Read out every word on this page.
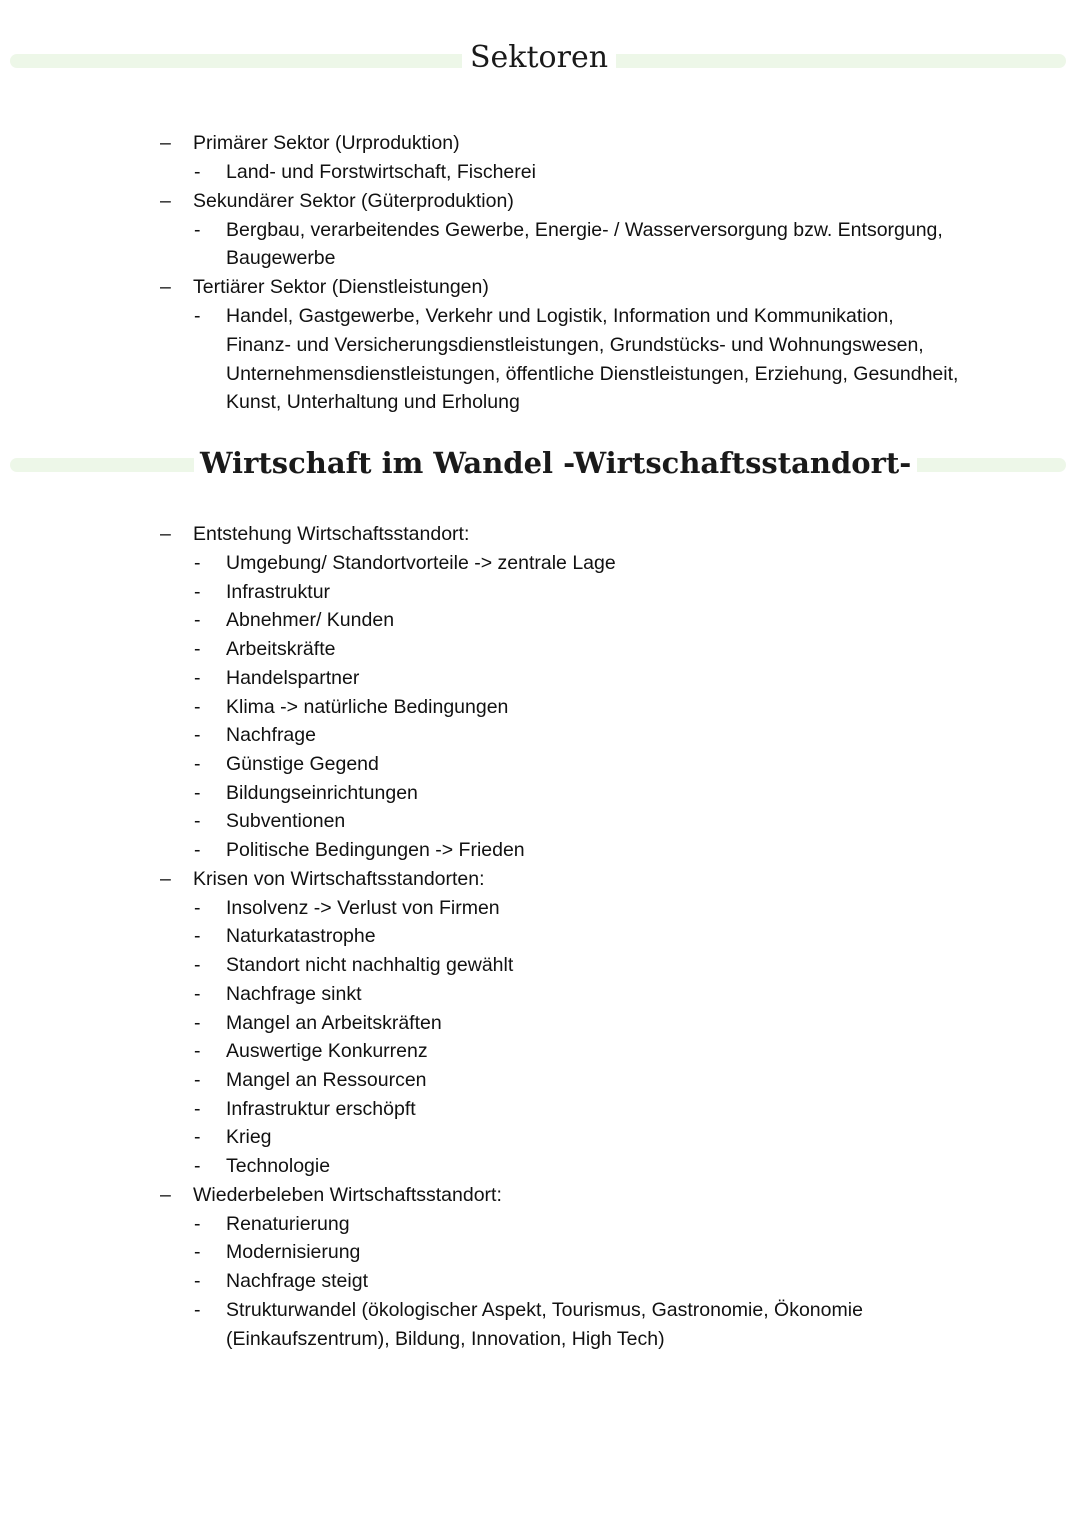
Sektoren
– Primärer Sektor (Urproduktion)
- Land- und Forstwirtschaft, Fischerei
– Sekundärer Sektor (Güterproduktion)
- Bergbau, verarbeitendes Gewerbe, Energie- / Wasserversorgung bzw. Entsorgung, Baugewerbe
– Tertiärer Sektor (Dienstleistungen)
- Handel, Gastgewerbe, Verkehr und Logistik, Information und Kommunikation, Finanz- und Versicherungsdienstleistungen, Grundstücks- und Wohnungswesen, Unternehmensdienstleistungen, öffentliche Dienstleistungen, Erziehung, Gesundheit, Kunst, Unterhaltung und Erholung
Wirtschaft im Wandel -Wirtschaftsstandort-
– Entstehung Wirtschaftsstandort:
- Umgebung/ Standortvorteile -> zentrale Lage
- Infrastruktur
- Abnehmer/ Kunden
- Arbeitskräfte
- Handelspartner
- Klima -> natürliche Bedingungen
- Nachfrage
- Günstige Gegend
- Bildungseinrichtungen
- Subventionen
- Politische Bedingungen -> Frieden
– Krisen von Wirtschaftsstandorten:
- Insolvenz -> Verlust von Firmen
- Naturkatastrophe
- Standort nicht nachhaltig gewählt
- Nachfrage sinkt
- Mangel an Arbeitskräften
- Auswertige Konkurrenz
- Mangel an Ressourcen
- Infrastruktur erschöpft
- Krieg
- Technologie
– Wiederbeleben Wirtschaftsstandort:
- Renaturierung
- Modernisierung
- Nachfrage steigt
- Strukturwandel (ökologischer Aspekt, Tourismus, Gastronomie, Ökonomie (Einkaufszentrum), Bildung, Innovation, High Tech)
